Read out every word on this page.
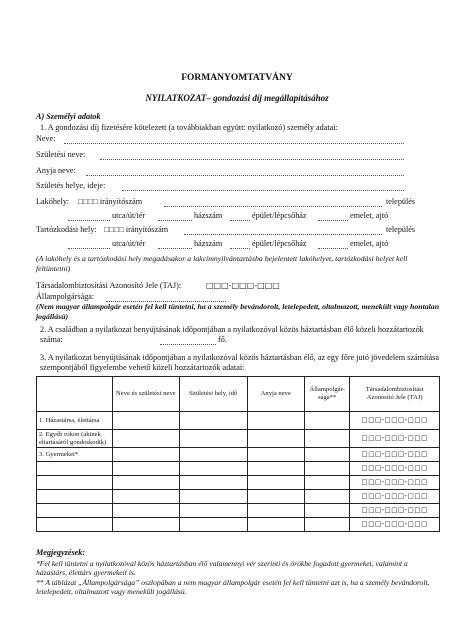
FORMANYOMTATVÁNY
NYILATKOZAT– gondozási díj megállapításához
A) Személyi adatok
1. A gondozási díj fizetésére kötelezett (a továbbiakban együtt: nyilatkozó) személy adatai:
Neve:
Születési neve:
Anyja neve:
Születés helye, ideje:
Lakóhely: □□□□ irányítószám	település
utca/út/tér	házszám	épület/lépcsőház	emelet, ajtó
Tartózkodási hely: □□□□ irányítószám	település
utca/út/tér	házszám	épület/lépcsőház	emelet, ajtó
(A lakóhely és a tartózkodási hely megadásakor a lakcímnyilvántartásba bejelentett lakóhelyet, tartózkodási helyet kell feltüntetni)
Társadalombiztosítási Azonosító Jele (TAJ):	□□□-□□□-□□□
Állampolgársága:
(Nem magyar állampolgár esetén fel kell tüntetni, ha a személy bevándorolt, letelepedett, oltalmazott, menekült vagy hontalan jogállású)
2. A családban a nyilatkozat benyújtásának időpontjában a nyilatkozóval közös háztartásban élő közeli hozzátartozók száma:	fő.
3. A nyilatkozat benyújtásának időpontjában a nyilatkozóval közös háztartásban élő, az egy főre jutó jövedelem számítása szempontjából figyelembe vehető közeli hozzátartozók adatai:
	Neve és születési neve	Születési hely, idő	Anyja neve	Állampolgár-sága**	Társadalombiztosítási Azonosító Jele (TAJ)
1. Házastársa, élettársa					□□□-□□□-□□□
2. Egyéb rokon (akinek eltartásáról gondoskodik)					□□□-□□□-□□□
3. Gyermekei*					□□□-□□□-□□□
					□□□-□□□-□□□
					□□□-□□□-□□□
					□□□-□□□-□□□
					□□□-□□□-□□□
					□□□-□□□-□□□
Megjegyzések:
*Fel kell tüntetni a nyilatkozóval közös háztartásban élő valamennyi vér szerinti és örökbe fogadott gyermeket, valamint a házastárs, élettárs gyermekeit is.
** A táblázat „Állampolgársága” oszlopában a nem magyar állampolgár esetén fel kell tüntetni azt is, ha a személy bevándorolt, letelepedett, oltalmazott vagy menekült jogállású.
